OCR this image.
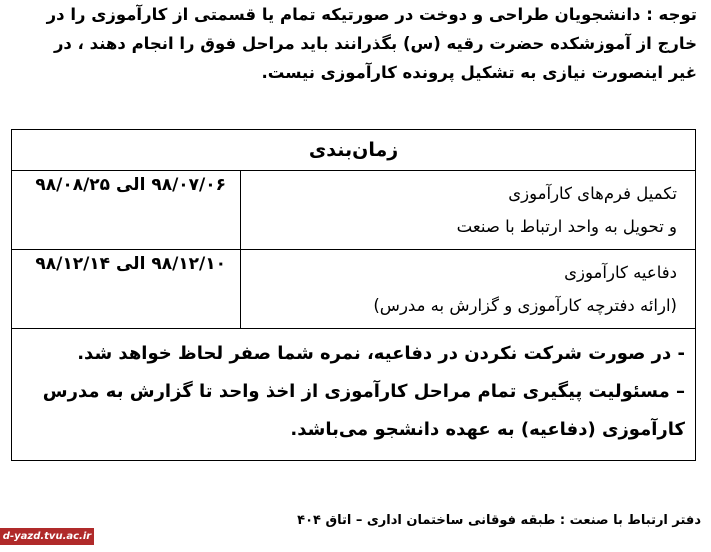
توجه : دانشجویان طراحی و دوخت در صورتیکه تمام یا قسمتی از کارآموزی را در
خارج از آموزشکده حضرت رقیه (س) بگذرانند باید مراحل فوق را انجام دهند ، در
غیر اینصورت نیازی به تشکیل پرونده کارآموزی نیست.
زمان‌بندی	

تکمیل فرم‌های کارآموزی
و تحویل به واحد ارتباط با صنعت	۹۸/۰۷/۰۶ الی ۹۸/۰۸/۲۵

دفاعیه کارآموزی
(ارائه دفترچه کارآموزی و گزارش به مدرس)	۹۸/۱۲/۱۰ الی ۹۸/۱۲/۱۴

- در صورت شرکت نکردن در دفاعیه، نمره شما صفر لحاظ خواهد شد.
– مسئولیت پیگیری تمام مراحل کارآموزی از اخذ واحد تا گزارش به مدرس
کارآموزی (دفاعیه) به عهده دانشجو می‌باشد.	
دفتر ارتباط با صنعت : طبقه فوقانی ساختمان اداری – اتاق ۴۰۴
d-yazd.tvu.ac.ir
